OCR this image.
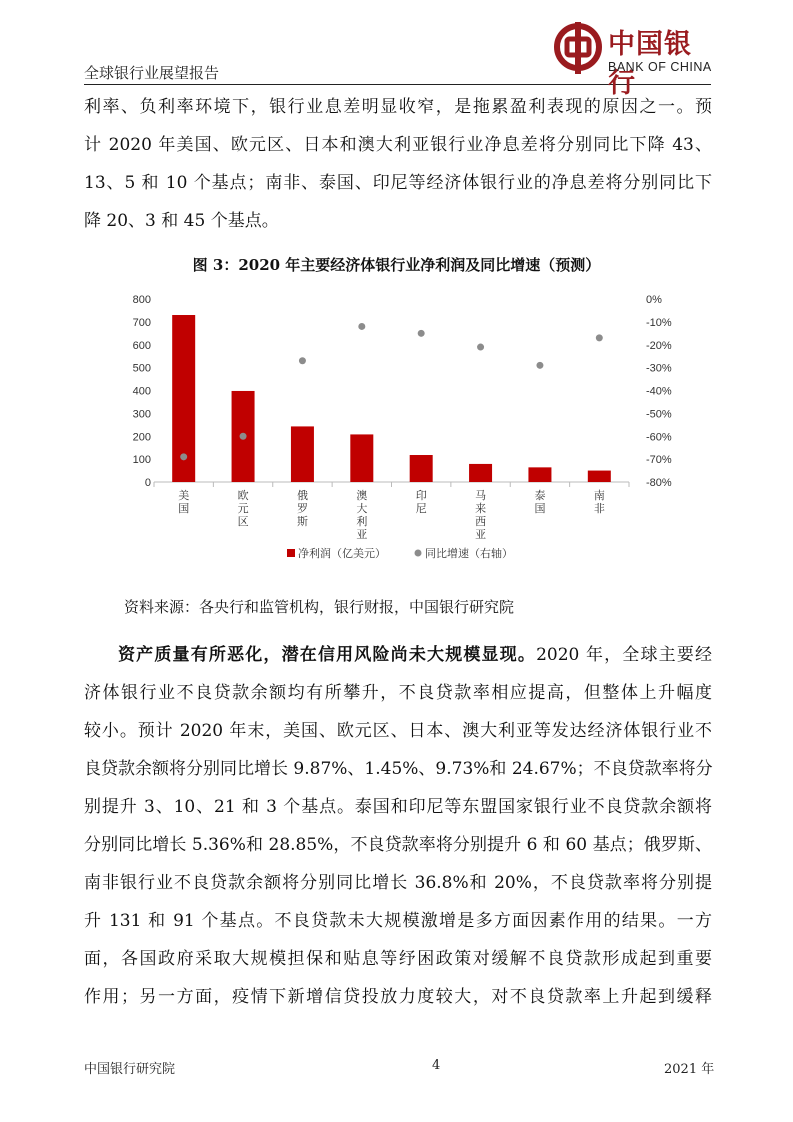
全球银行业展望报告
中国银行
BANK OF CHINA
利率、负利率环境下，银行业息差明显收窄，是拖累盈利表现的原因之一。预
计 2020 年美国、欧元区、日本和澳大利亚银行业净息差将分别同比下降 43、
13、5 和 10 个基点；南非、泰国、印尼等经济体银行业的净息差将分别同比下
降 20、3 和 45 个基点。
图 3：2020 年主要经济体银行业净利润及同比增速（预测）
0
100
200
300
400
500
600
700
800
-80%
-70%
-60%
-50%
-40%
-30%
-20%
-10%
0%
美
国
欧
元
区
俄
罗
斯
澳
大
利
亚
印
尼
马
来
西
亚
泰
国
南
非
净利润（亿美元）	同比增速（右轴）
资料来源：各央行和监管机构，银行财报，中国银行研究院
资产质量有所恶化，潜在信用风险尚未大规模显现。2020 年，全球主要经
济体银行业不良贷款余额均有所攀升，不良贷款率相应提高，但整体上升幅度
较小。预计 2020 年末，美国、欧元区、日本、澳大利亚等发达经济体银行业不
良贷款余额将分别同比增长 9.87%、1.45%、9.73%和 24.67%；不良贷款率将分
别提升 3、10、21 和 3 个基点。泰国和印尼等东盟国家银行业不良贷款余额将
分别同比增长 5.36%和 28.85%，不良贷款率将分别提升 6 和 60 基点；俄罗斯、
南非银行业不良贷款余额将分别同比增长 36.8%和 20%，不良贷款率将分别提
升 131 和 91 个基点。不良贷款未大规模激增是多方面因素作用的结果。一方
面，各国政府采取大规模担保和贴息等纾困政策对缓解不良贷款形成起到重要
作用；另一方面，疫情下新增信贷投放力度较大，对不良贷款率上升起到缓释
中国银行研究院	4	2021 年
